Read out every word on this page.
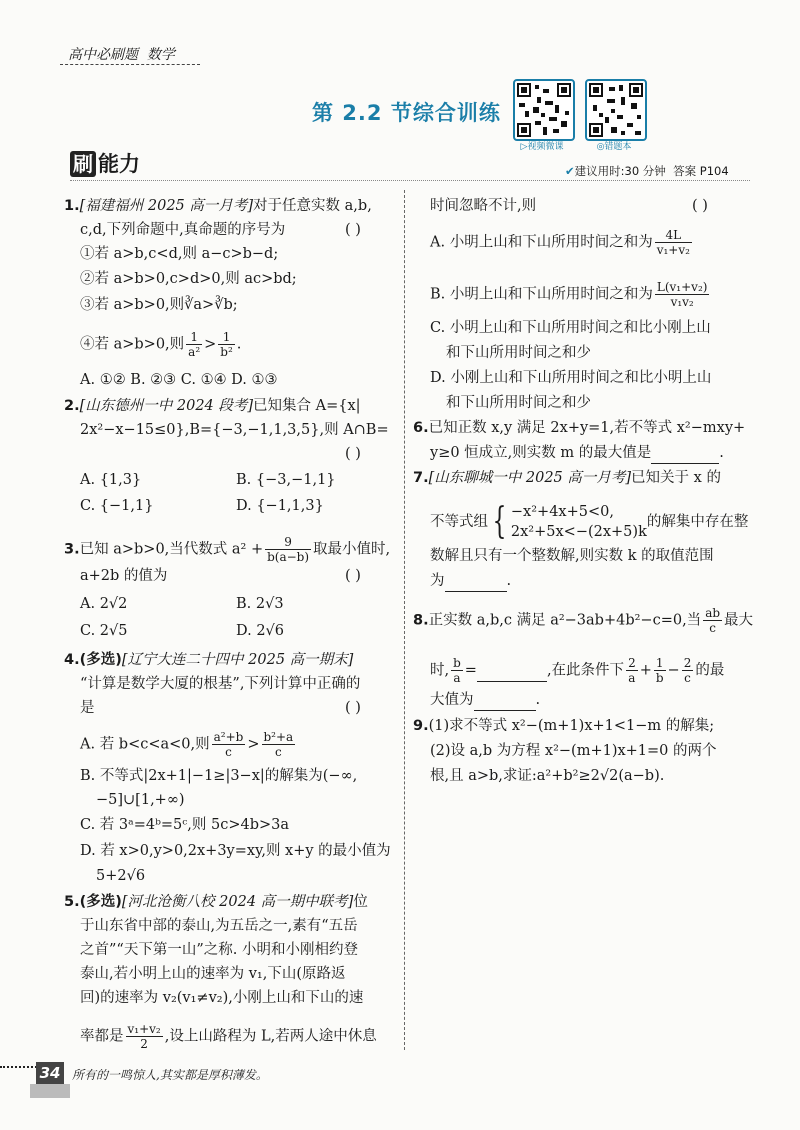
高中必刷题 数学
第 2.2 节综合训练
▷视频微课	◎错题本
刷 能力	✔建议用时:30 分钟 答案 P104
1.[福建福州 2025 高一月考]对于任意实数 a,b,
c,d,下列命题中,真命题的序号为	( )
①若 a>b,c<d,则 a−c>b−d;
②若 a>b>0,c>d>0,则 ac>bd;
③若 a>b>0,则∛a>∛b;
④若 a>b>0,则 $\frac{1}{\text{a²}} > \frac{1}{\text{b²}}$ .
A. ①② B. ②③ C. ①④ D. ①③
2.[山东德州一中 2024 段考]已知集合 A={x|
2x²−x−15≤0},B={−3,−1,1,3,5},则 A∩B=
( )
A. {1,3}	B. {−3,−1,1}
C. {−1,1}	D. {−1,1,3}
3.已知 a>b>0,当代数式 $a^2 + \frac{9}{b(a-b)}$ 取最小值时,
a+2b 的值为	( )
A. 2√2	B. 2√3
C. 2√5	D. 2√6
4.(多选)[辽宁大连二十四中 2025 高一期末]
“计算是数学大厦的根基”,下列计算中正确的
是	( )
A. 若 b<c<a<0,则 $\frac{\text{a²+b}}{c} > \frac{\text{b²+a}}{c}$
B. 不等式|2x+1|−1≥|3−x|的解集为(−∞,
−5]∪[1,+∞)
C. 若 3ᵃ=4ᵇ=5ᶜ,则 5c>4b>3a
D. 若 x>0,y>0,2x+3y=xy,则 x+y 的最小值为
5+2√6
5.(多选)[河北沧衡八校 2024 高一期中联考]位
于山东省中部的泰山,为五岳之一,素有“五岳
之首”“天下第一山”之称. 小明和小刚相约登
泰山,若小明上山的速率为 v₁,下山(原路返
回)的速率为 v₂(v₁≠v₂),小刚上山和下山的速
率都是 $\frac{\text{v₁+v₂}}{2}$ ,设上山路程为 L,若两人途中休息
时间忽略不计,则	( )
A. 小明上山和下山所用时间之和为 $\frac{4L}{\text{v₁+v₂}}$
B. 小明上山和下山所用时间之和为 $\frac{\text{L(v₁+v₂)}}{\text{v₁v₂}}$
C. 小明上山和下山所用时间之和比小刚上山
和下山所用时间之和少
D. 小刚上山和下山所用时间之和比小明上山
和下山所用时间之和少
6.已知正数 x,y 满足 2x+y=1,若不等式 x²−mxy+
y≥0 恒成立,则实数 m 的最大值是	.
7.[山东聊城一中 2025 高一月考]已知关于 x 的
不等式组 { −x²+4x+5<0,
2x²+5x<−(2x+5)k
的解集中存在整
数解且只有一个整数解,则实数 k 的取值范围
为	.
8.正实数 a,b,c 满足 a²−3ab+4b²−c=0,当 $\frac{ab}{c}$ 最大
时, $\frac{b}{a}$ =	,在此条件下 $\frac{2}{a} + \frac{1}{b} - \frac{2}{c}$ 的最
大值为	.
9.(1)求不等式 x²−(m+1)x+1<1−m 的解集;
(2)设 a,b 为方程 x²−(m+1)x+1=0 的两个
根,且 a>b,求证:a²+b²≥2√2(a−b).
34 所有的一鸣惊人,其实都是厚积薄发。
